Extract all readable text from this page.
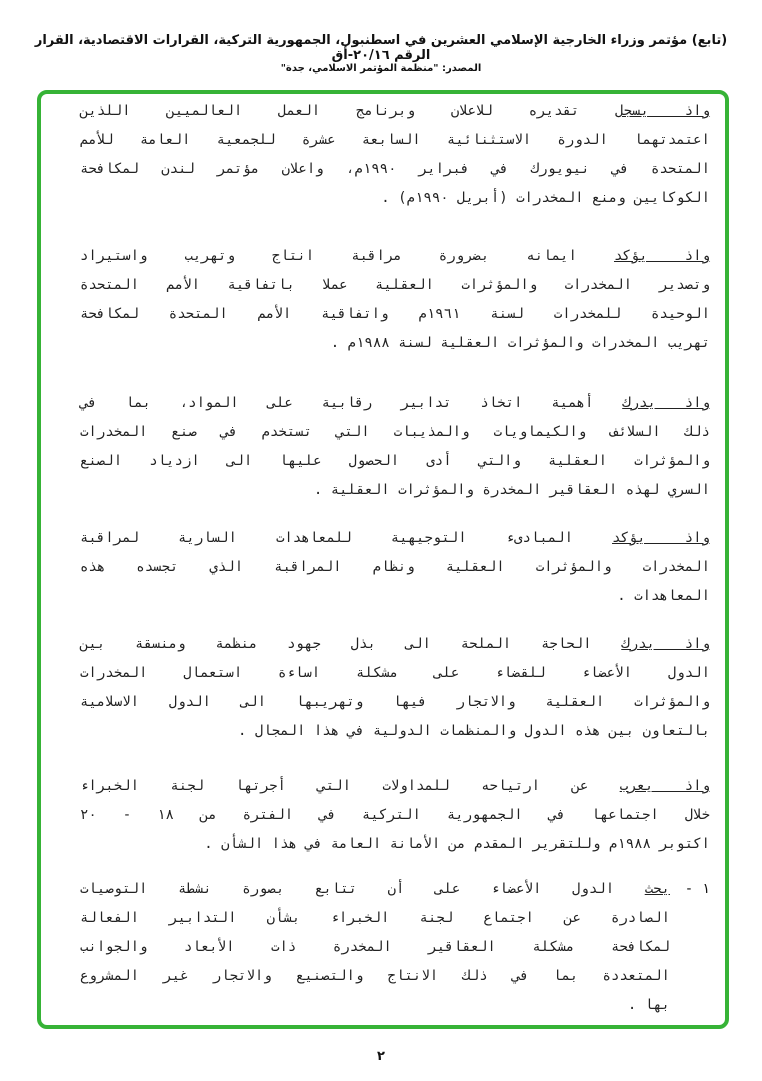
(تابع) مؤتمر وزراء الخارجية الإسلامي العشرين في اسطنبول، الجمهورية التركية، القرارات الاقتصادية، القرار الرقم ٢٠/١٦-أق
المصدر: "منظمة المؤتمر الاسلامي، جدة"
واذ يسجل تقديره للاعلان وبرنامج العمل العالميين اللذين
اعتمدتهما الدورة الاستثنائية السابعة عشرة للجمعية العامة للأمم
المتحدة في نيويورك في فبراير ١٩٩٠م، واعلان مؤتمر لندن لمكافحة
الكوكايين ومنع المخدرات (أبريل ١٩٩٠م) .
واذ يؤكد ايمانه بضرورة مراقبة انتاج وتهريب واستيراد
وتصدير المخدرات والمؤثرات العقلية عملا باتفاقية الأمم المتحدة
الوحيدة للمخدرات لسنة ١٩٦١م واتفاقية الأمم المتحدة لمكافحة
تهريب المخدرات والمؤثرات العقلية لسنة ١٩٨٨م .
واذ يدرك أهمية اتخاذ تدابير رقابية على المواد، بما في
ذلك السلائف والكيماويات والمذيبات التي تستخدم في صنع المخدرات
والمؤثرات العقلية والتي أدى الحصول عليها الى ازدياد الصنع
السري لهذه العقاقير المخدرة والمؤثرات العقلية .
واذ يؤكد المبادىء التوجيهية للمعاهدات السارية لمراقبة
المخدرات والمؤثرات العقلية ونظام المراقبة الذي تجسده هذه
المعاهدات .
واذ يدرك الحاجة الملحة الى بذل جهود منظمة ومنسقة بين
الدول الأعضاء للقضاء على مشكلة اساءة استعمال المخدرات
والمؤثرات العقلية والاتجار فيها وتهريبها الى الدول الاسلامية
بالتعاون بين هذه الدول والمنظمات الدولية في هذا المجال .
واذ يعرب عن ارتياحه للمداولات التي أجرتها لجنة الخبراء
خلال اجتماعها في الجمهورية التركية في الفترة من ١٨ - ٢٠
اكتوبر ١٩٨٨م وللتقرير المقدم من الأمانة العامة في هذا الشأن .
١ -
يحث الدول الأعضاء على أن تتابع بصورة نشطة التوصيات
الصادرة عن اجتماع لجنة الخبراء بشأن التدابير الفعالة
لمكافحة مشكلة العقاقير المخدرة ذات الأبعاد والجوانب
المتعددة بما في ذلك الانتاج والتصنيع والاتجار غير المشروع
بها .
٢
